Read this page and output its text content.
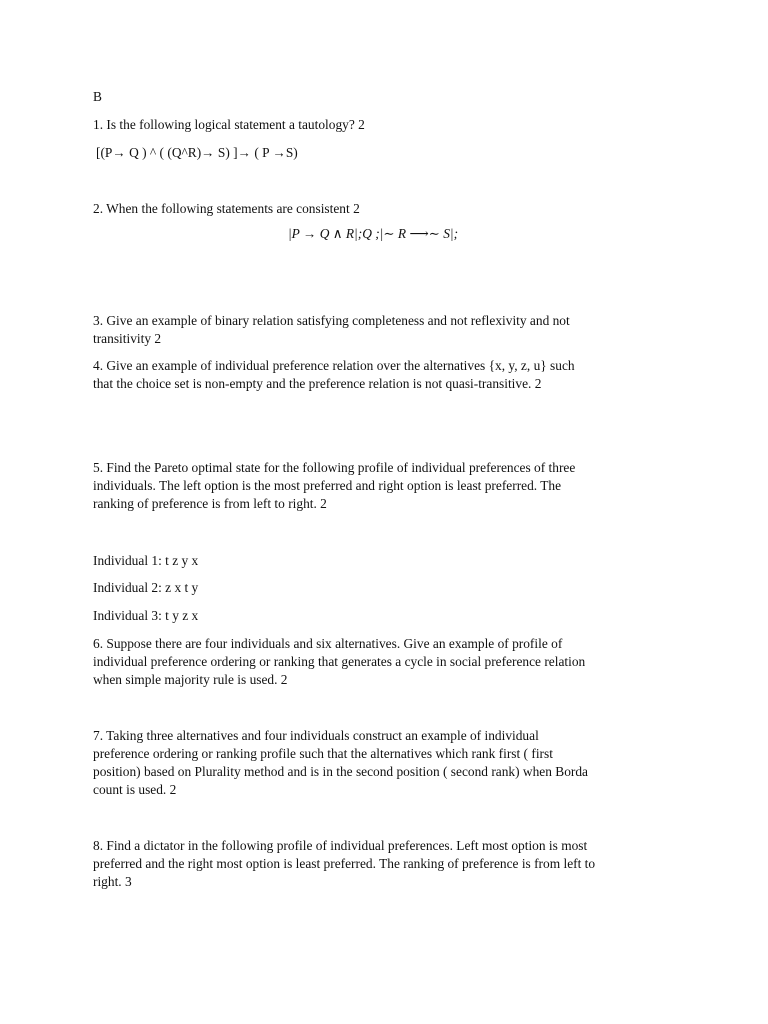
B
1. Is the following logical statement a tautology? 2
[(P→ Q ) ^ ( (Q^R)→ S) ]→ ( P →S)
2. When the following statements are consistent 2
|P → Q ∧ R|;Q ;|∼ R ⟶∼ S|;
3. Give an example of binary relation satisfying completeness and not reflexivity and not
transitivity 2
4. Give an example of individual preference relation over the alternatives {x, y, z, u} such
that the choice set is non-empty and the preference relation is not quasi-transitive. 2
5. Find the Pareto optimal state for the following profile of individual preferences of three
individuals. The left option is the most preferred and right option is least preferred. The
ranking of preference is from left to right. 2
Individual 1: t z y x
Individual 2: z x t y
Individual 3: t y z x
6. Suppose there are four individuals and six alternatives. Give an example of profile of
individual preference ordering or ranking that generates a cycle in social preference relation
when simple majority rule is used. 2
7. Taking three alternatives and four individuals construct an example of individual
preference ordering or ranking profile such that the alternatives which rank first ( first
position) based on Plurality method and is in the second position ( second rank) when Borda
count is used. 2
8. Find a dictator in the following profile of individual preferences. Left most option is most
preferred and the right most option is least preferred. The ranking of preference is from left to
right. 3
